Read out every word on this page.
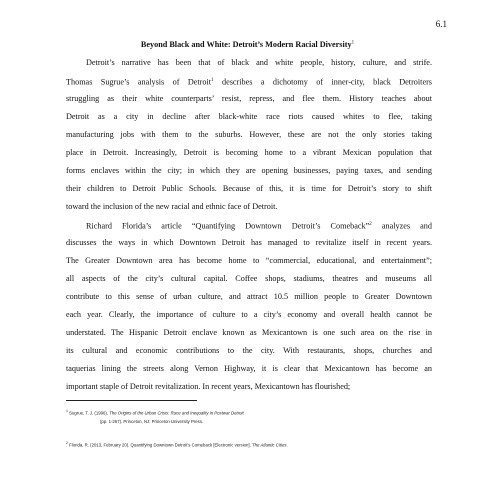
6.1
Beyond Black and White: Detroit’s Modern Racial Diversity$^1$
Detroit’s narrative has been that of black and white people, history, culture, and strife.
Thomas Sugrue’s analysis of Detroit$^1$ describes a dichotomy of inner-city, black Detroiters
struggling as their white counterparts’ resist, repress, and flee them. History teaches about
Detroit as a city in decline after black-white race riots caused whites to flee, taking
manufacturing jobs with them to the suburbs. However, these are not the only stories taking
place in Detroit. Increasingly, Detroit is becoming home to a vibrant Mexican population that
forms enclaves within the city; in which they are opening businesses, paying taxes, and sending
their children to Detroit Public Schools. Because of this, it is time for Detroit’s story to shift
toward the inclusion of the new racial and ethnic face of Detroit.
Richard Florida’s article “Quantifying Downtown Detroit’s Comeback”$^2$ analyzes and
discusses the ways in which Downtown Detroit has managed to revitalize itself in recent years.
The Greater Downtown area has become home to “commercial, educational, and entertainment”;
all aspects of the city’s cultural capital. Coffee shops, stadiums, theatres and museums all
contribute to this sense of urban culture, and attract 10.5 million people to Greater Downtown
each year. Clearly, the importance of culture to a city’s economy and overall health cannot be
understated. The Hispanic Detroit enclave known as Mexicantown is one such area on the rise in
its cultural and economic contributions to the city. With restaurants, shops, churches and
taquerias lining the streets along Vernon Highway, it is clear that Mexicantown has become an
important staple of Detroit revitalization. In recent years, Mexicantown has flourished;
$^1$ Sugrue, T. J. (1996). The Origins of the Urban Crisis: Race and Inequality in Postwar Detroit
(pp. 1-267). Princeton, NJ: Princeton University Press.
$^2$ Florida, R. (2013, February 20). Quantifying Downtown Detroit’s Comeback [Electronic version]. The Atlantic Cities.
